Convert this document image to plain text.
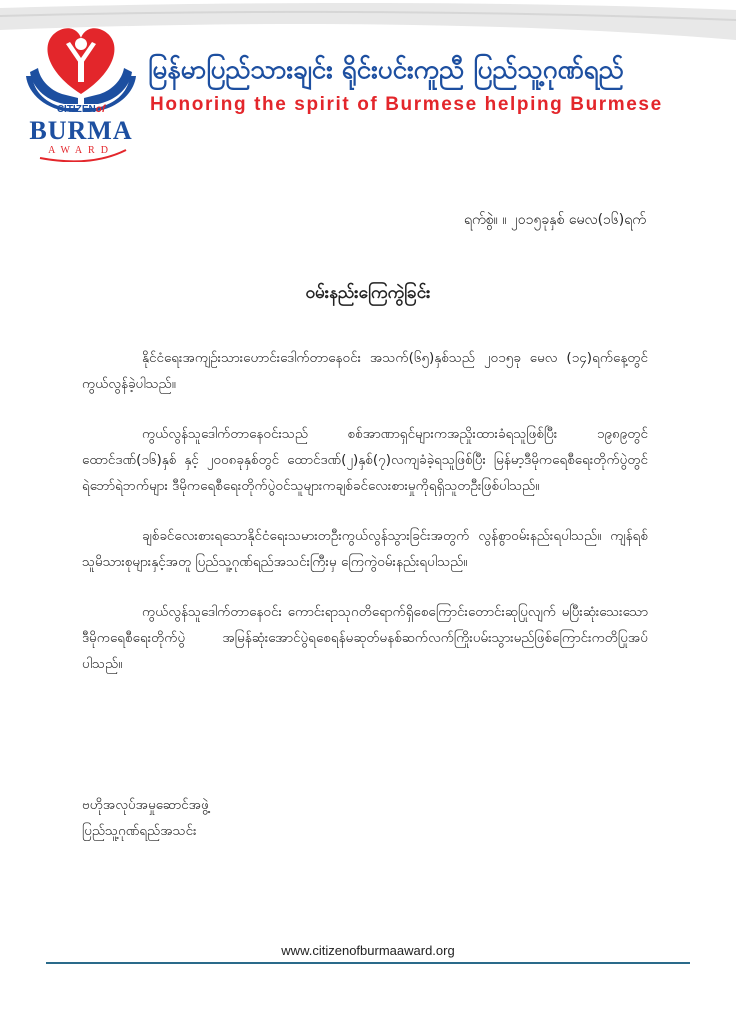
CITIZENof
BURMA
AWARD
မြန်မာပြည်သားချင်း ရိုင်းပင်းကူညီ ပြည်သူ့ဂုဏ်ရည်
Honoring the spirit of Burmese helping Burmese
ရက်စွဲ။ ။ ၂၀၁၅ခုနှစ် မေလ(၁၆)ရက်
ဝမ်းနည်းကြေကွဲခြင်း

နိုင်ငံရေးအကျဉ်းသားဟောင်းဒေါက်တာနေဝင်း အသက်(၆၅)နှစ်သည် ၂၀၁၅ခု မေလ (၁၄)ရက်နေ့တွင် ကွယ်လွန်ခဲ့ပါသည်။

ကွယ်လွန်သူဒေါက်တာနေဝင်းသည် စစ်အာဏာရှင်များကအညှိုးထားခံရသူဖြစ်ပြီး ၁၉၈၉တွင်ထောင်ဒဏ်(၁၆)နှစ် နှင့် ၂၀၀၈ခုနှစ်တွင် ထောင်ဒဏ်(၂)နှစ်(၇)လကျခံခဲ့ရသူဖြစ်ပြီး မြန်မာ့ဒီမိုကရေစီရေးတိုက်ပွဲတွင် ရဲဘော်ရဲဘက်များ ဒီမိုကရေစီရေးတိုက်ပွဲဝင်သူများကချစ်ခင်လေးစားမှုကိုရရှိသူတဦးဖြစ်ပါသည်။

ချစ်ခင်လေးစားရသောနိုင်ငံရေးသမားတဦးကွယ်လွန်သွားခြင်းအတွက် လွန်စွာဝမ်းနည်းရပါသည်။ ကျန်ရစ်သူမိသားစုများနှင့်အတူ ပြည်သူ့ဂုဏ်ရည်အသင်းကြီးမှ ကြေကွဲဝမ်းနည်းရပါသည်။

ကွယ်လွန်သူဒေါက်တာနေဝင်း ကောင်းရာသုဂတိရောက်ရှိစေကြောင်းတောင်းဆုပြုလျက် မပြီးဆုံးသေးသောဒီမိုကရေစီရေးတိုက်ပွဲ အမြန်ဆုံးအောင်ပွဲရစေရန်မဆုတ်မနစ်ဆက်လက်ကြိုးပမ်းသွားမည်ဖြစ်ကြောင်းကတိပြုအပ်ပါသည်။

ဗဟိုအလုပ်အမှုဆောင်အဖွဲ့
ပြည်သူ့ဂုဏ်ရည်အသင်း
www.citizenofburmaaward.org
